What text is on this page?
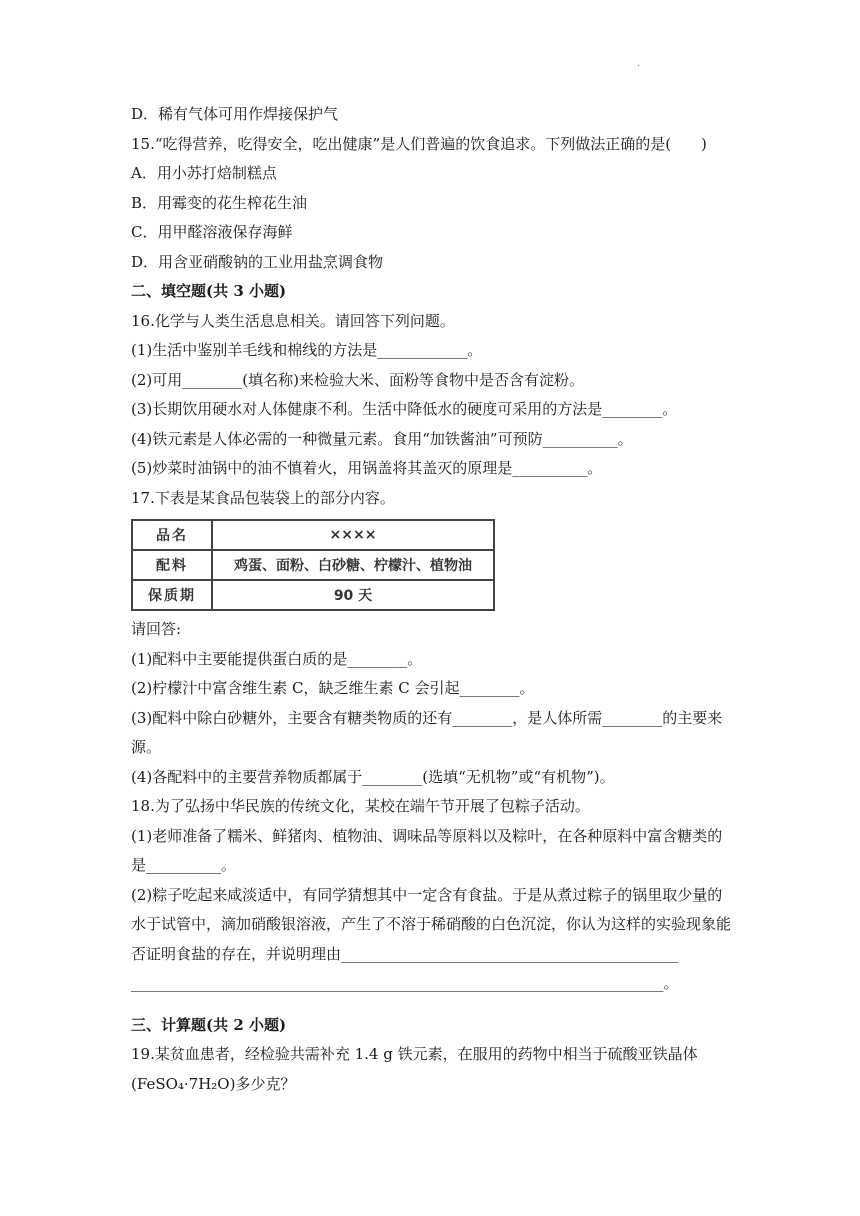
.
D．稀有气体可用作焊接保护气
15.“吃得营养，吃得安全，吃出健康”是人们普遍的饮食追求。下列做法正确的是(　　)
A．用小苏打焙制糕点
B．用霉变的花生榨花生油
C．用甲醛溶液保存海鲜
D．用含亚硝酸钠的工业用盐烹调食物
二、填空题(共 3 小题)
16.化学与人类生活息息相关。请回答下列问题。
(1)生活中鉴别羊毛线和棉线的方法是____________。
(2)可用________(填名称)来检验大米、面粉等食物中是否含有淀粉。
(3)长期饮用硬水对人体健康不利。生活中降低水的硬度可采用的方法是________。
(4)铁元素是人体必需的一种微量元素。食用“加铁酱油”可预防__________。
(5)炒菜时油锅中的油不慎着火，用锅盖将其盖灭的原理是__________。
17.下表是某食品包装袋上的部分内容。
品名	××××
配料	鸡蛋、面粉、白砂糖、柠檬汁、植物油
保质期	90 天
请回答:
(1)配料中主要能提供蛋白质的是________。
(2)柠檬汁中富含维生素 C，缺乏维生素 C 会引起________。
(3)配料中除白砂糖外，主要含有糖类物质的还有________，是人体所需________的主要来源。
(4)各配料中的主要营养物质都属于________(选填“无机物”或“有机物”)。
18.为了弘扬中华民族的传统文化，某校在端午节开展了包粽子活动。
(1)老师准备了糯米、鲜猪肉、植物油、调味品等原料以及粽叶，在各种原料中富含糖类的是__________。
(2)粽子吃起来咸淡适中，有同学猜想其中一定含有食盐。于是从煮过粽子的锅里取少量的水于试管中，滴加硝酸银溶液，产生了不溶于稀硝酸的白色沉淀，你认为这样的实验现象能否证明食盐的存在，并说明理由_____________________________________________
_______________________________________________________________________。
三、计算题(共 2 小题)
19.某贫血患者，经检验共需补充 1.4 g 铁元素，在服用的药物中相当于硫酸亚铁晶体(FeSO₄·7H₂O)多少克？
